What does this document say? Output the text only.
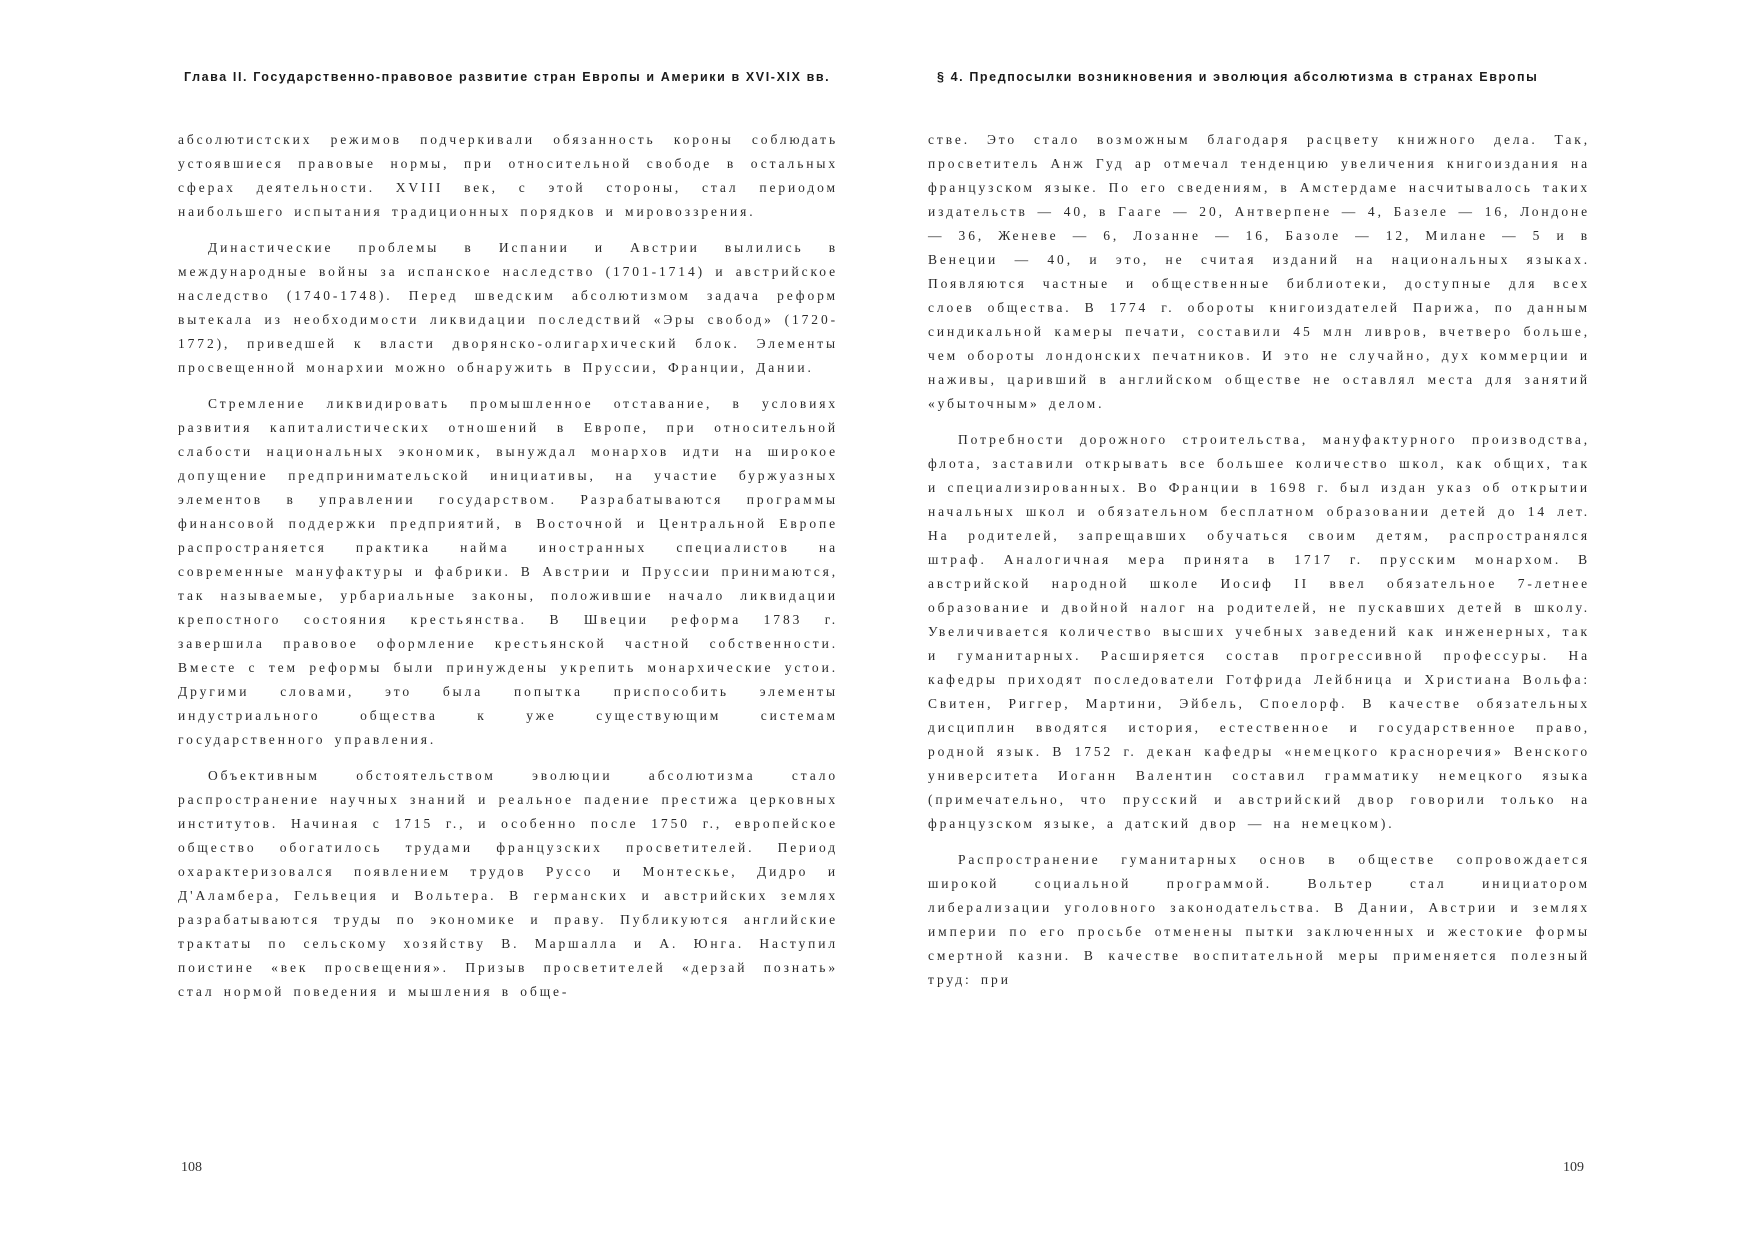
Глава II. Государственно-правовое развитие стран Европы и Америки в XVI-XIX вв.

абсолютистских режимов подчеркивали обязанность короны соблюдать устоявшиеся правовые нормы, при относительной свободе в остальных сферах деятельности. XVIII век, с этой стороны, стал периодом наибольшего испытания традиционных порядков и мировоззрения.

Династические проблемы в Испании и Австрии вылились в международные войны за испанское наследство (1701-1714) и австрийское наследство (1740-1748). Перед шведским абсолютизмом задача реформ вытекала из необходимости ликвидации последствий «Эры свобод» (1720-1772), приведшей к власти дворянско-олигархический блок. Элементы просвещенной монархии можно обнаружить в Пруссии, Франции, Дании.

Стремление ликвидировать промышленное отставание, в условиях развития капиталистических отношений в Европе, при относительной слабости национальных экономик, вынуждал монархов идти на широкое допущение предпринимательской инициативы, на участие буржуазных элементов в управлении государством. Разрабатываются программы финансовой поддержки предприятий, в Восточной и Центральной Европе распространяется практика найма иностранных специалистов на современные мануфактуры и фабрики. В Австрии и Пруссии принимаются, так называемые, урбариальные законы, положившие начало ликвидации крепостного состояния крестьянства. В Швеции реформа 1783 г. завершила правовое оформление крестьянской частной собственности. Вместе с тем реформы были принуждены укрепить монархические устои. Другими словами, это была попытка приспособить элементы индустриального общества к уже существующим системам государственного управления.

Объективным обстоятельством эволюции абсолютизма стало распространение научных знаний и реальное падение престижа церковных институтов. Начиная с 1715 г., и особенно после 1750 г., европейское общество обогатилось трудами французских просветителей. Период охарактеризовался появлением трудов Руссо и Монтескье, Дидро и Д'Аламбера, Гельвеция и Вольтера. В германских и австрийских землях разрабатываются труды по экономике и праву. Публикуются английские трактаты по сельскому хозяйству В. Маршалла и А. Юнга. Наступил поистине «век просвещения». Призыв просветителей «дерзай познать» стал нормой поведения и мышления в обще-

108
§ 4. Предпосылки возникновения и эволюция абсолютизма в странах Европы

стве. Это стало возможным благодаря расцвету книжного дела. Так, просветитель Анж Гуд ар отмечал тенденцию увеличения книгоиздания на французском языке. По его сведениям, в Амстердаме насчитывалось таких издательств — 40, в Гааге — 20, Антверпене — 4, Базеле — 16, Лондоне — 36, Женеве — 6, Лозанне — 16, Базоле — 12, Милане — 5 и в Венеции — 40, и это, не считая изданий на национальных языках. Появляются частные и общественные библиотеки, доступные для всех слоев общества. В 1774 г. обороты книгоиздателей Парижа, по данным синдикальной камеры печати, составили 45 млн ливров, вчетверо больше, чем обороты лондонских печатников. И это не случайно, дух коммерции и наживы, царивший в английском обществе не оставлял места для занятий «убыточным» делом.

Потребности дорожного строительства, мануфактурного производства, флота, заставили открывать все большее количество школ, как общих, так и специализированных. Во Франции в 1698 г. был издан указ об открытии начальных школ и обязательном бесплатном образовании детей до 14 лет. На родителей, запрещавших обучаться своим детям, распространялся штраф. Аналогичная мера принята в 1717 г. прусским монархом. В австрийской народной школе Иосиф II ввел обязательное 7-летнее образование и двойной налог на родителей, не пускавших детей в школу. Увеличивается количество высших учебных заведений как инженерных, так и гуманитарных. Расширяется состав прогрессивной профессуры. На кафедры приходят последователи Готфрида Лейбница и Христиана Вольфа: Свитен, Риггер, Мартини, Эйбель, Споелорф. В качестве обязательных дисциплин вводятся история, естественное и государственное право, родной язык. В 1752 г. декан кафедры «немецкого красноречия» Венского университета Иоганн Валентин составил грамматику немецкого языка (примечательно, что прусский и австрийский двор говорили только на французском языке, а датский двор — на немецком).

Распространение гуманитарных основ в обществе сопровождается широкой социальной программой. Вольтер стал инициатором либерализации уголовного законодательства. В Дании, Австрии и землях империи по его просьбе отменены пытки заключенных и жестокие формы смертной казни. В качестве воспитательной меры применяется полезный труд: при

109
